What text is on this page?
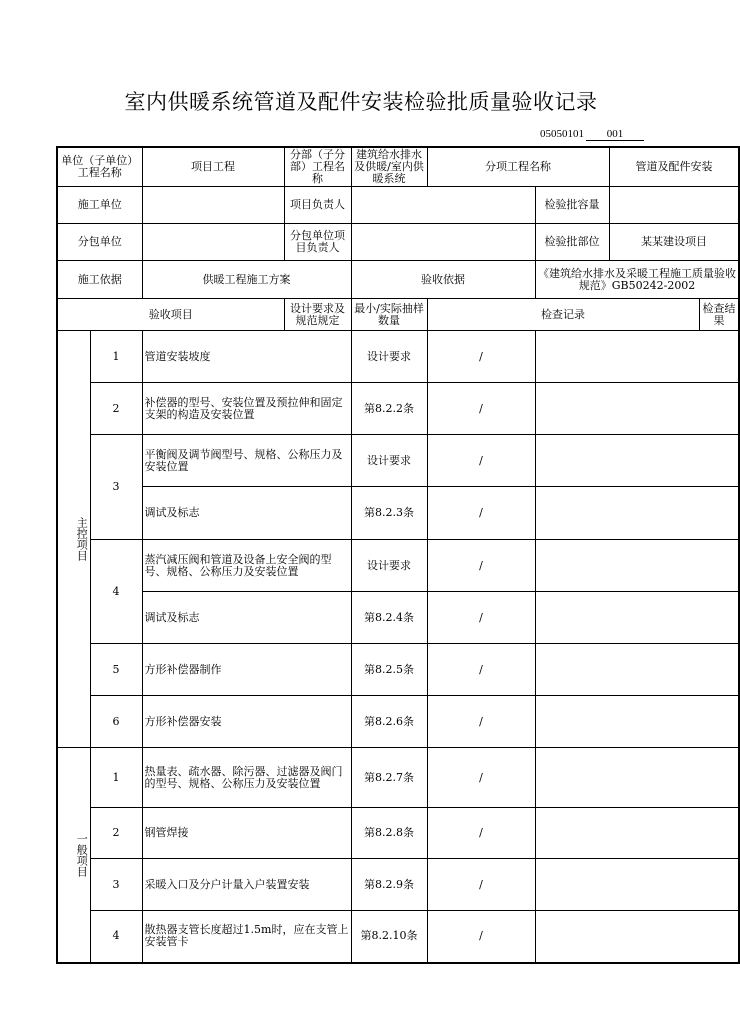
室内供暖系统管道及配件安装检验批质量验收记录
05050101 001
单位（子单位）工程名称			项目工程	分部（子分部）工程名称	建筑给水排水及供暖/室内供暖系统	分项工程名称		管道及配件安装		
施工单位				项目负责人			检验批容量			
分包单位				分包单位项目负责人			检验批部位	某某建设项目		
施工依据			供暖工程施工方案		验收依据		《建筑给水排水及采暖工程施工质量验收规范》GB50242-2002			
验收项目				设计要求及规范规定	最小/实际抽样数量	检查记录			检查结果	

	主控项目	1	管道安装坡度		设计要求	/				
		2	补偿器的型号、安装位置及预拉伸和固定支架的构造及安装位置		第8.2.2条	/				
		3	平衡阀及调节阀型号、规格、公称压力及安装位置		设计要求	/				
			调试及标志		第8.2.3条	/				
		4	蒸汽减压阀和管道及设备上安全阀的型号、规格、公称压力及安装位置		设计要求	/				
			调试及标志		第8.2.4条	/				
		5	方形补偿器制作		第8.2.5条	/				
		6	方形补偿器安装		第8.2.6条	/				

	一般项目	1	热量表、疏水器、除污器、过滤器及阀门的型号、规格、公称压力及安装位置		第8.2.7条	/				
		2	钢管焊接		第8.2.8条	/				
		3	采暖入口及分户计量入户装置安装		第8.2.9条	/				
		4	散热器支管长度超过1.5m时，应在支管上安装管卡		第8.2.10条	/				
